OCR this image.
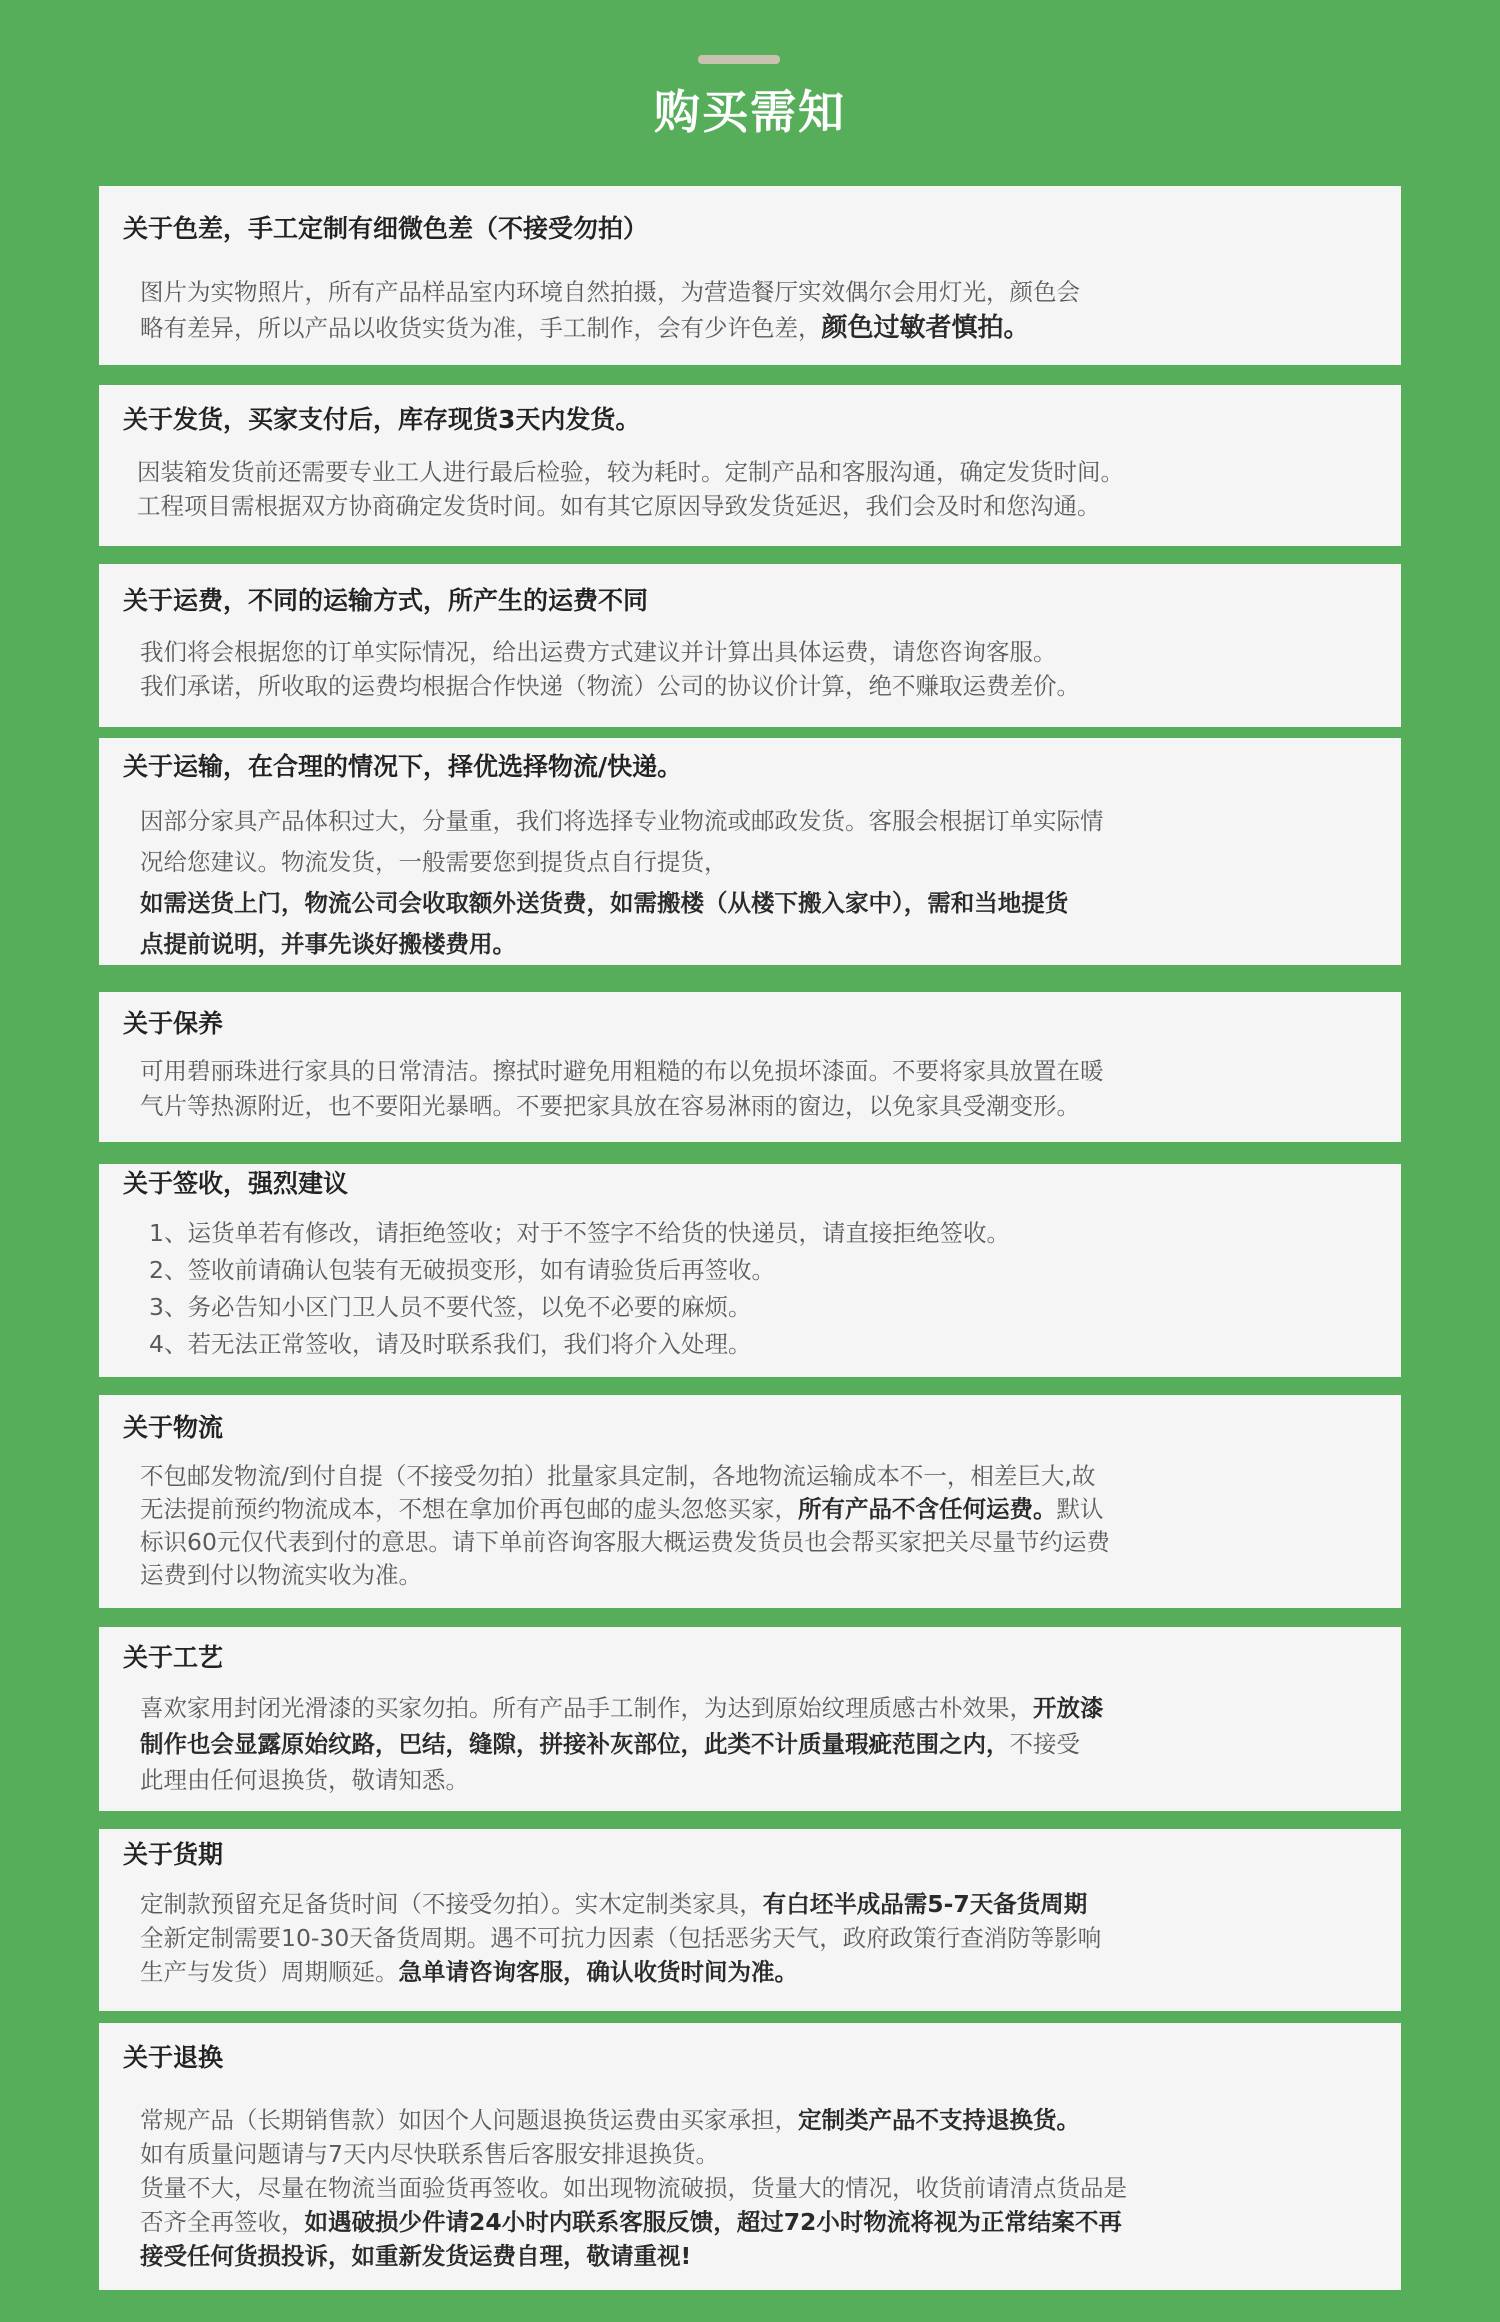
购买需知
关于色差，手工定制有细微色差（不接受勿拍）
图片为实物照片，所有产品样品室内环境自然拍摄，为营造餐厅实效偶尔会用灯光，颜色会
略有差异，所以产品以收货实货为准，手工制作，会有少许色差，颜色过敏者慎拍。
关于发货，买家支付后，库存现货3天内发货。
因装箱发货前还需要专业工人进行最后检验，较为耗时。定制产品和客服沟通，确定发货时间。
工程项目需根据双方协商确定发货时间。如有其它原因导致发货延迟，我们会及时和您沟通。
关于运费，不同的运输方式，所产生的运费不同
我们将会根据您的订单实际情况，给出运费方式建议并计算出具体运费，请您咨询客服。
我们承诺，所收取的运费均根据合作快递（物流）公司的协议价计算，绝不赚取运费差价。
关于运输，在合理的情况下，择优选择物流/快递。
因部分家具产品体积过大，分量重，我们将选择专业物流或邮政发货。客服会根据订单实际情
况给您建议。物流发货，一般需要您到提货点自行提货，
如需送货上门，物流公司会收取额外送货费，如需搬楼（从楼下搬入家中），需和当地提货
点提前说明，并事先谈好搬楼费用。
关于保养
可用碧丽珠进行家具的日常清洁。擦拭时避免用粗糙的布以免损坏漆面。不要将家具放置在暖
气片等热源附近，也不要阳光暴晒。不要把家具放在容易淋雨的窗边，以免家具受潮变形。
关于签收，强烈建议
1、运货单若有修改，请拒绝签收；对于不签字不给货的快递员，请直接拒绝签收。
2、签收前请确认包装有无破损变形，如有请验货后再签收。
3、务必告知小区门卫人员不要代签，以免不必要的麻烦。
4、若无法正常签收，请及时联系我们，我们将介入处理。
关于物流
不包邮发物流/到付自提（不接受勿拍）批量家具定制，各地物流运输成本不一，相差巨大,故
无法提前预约物流成本，不想在拿加价再包邮的虚头忽悠买家，所有产品不含任何运费。默认
标识60元仅代表到付的意思。请下单前咨询客服大概运费发货员也会帮买家把关尽量节约运费
运费到付以物流实收为准。
关于工艺
喜欢家用封闭光滑漆的买家勿拍。所有产品手工制作，为达到原始纹理质感古朴效果，开放漆
制作也会显露原始纹路，巴结，缝隙，拼接补灰部位，此类不计质量瑕疵范围之内，不接受
此理由任何退换货，敬请知悉。
关于货期
定制款预留充足备货时间（不接受勿拍）。实木定制类家具，有白坯半成品需5-7天备货周期
全新定制需要10-30天备货周期。遇不可抗力因素（包括恶劣天气，政府政策行查消防等影响
生产与发货）周期顺延。急单请咨询客服，确认收货时间为准。
关于退换
常规产品（长期销售款）如因个人问题退换货运费由买家承担，定制类产品不支持退换货。
如有质量问题请与7天内尽快联系售后客服安排退换货。
货量不大，尽量在物流当面验货再签收。如出现物流破损，货量大的情况，收货前请清点货品是
否齐全再签收，如遇破损少件请24小时内联系客服反馈，超过72小时物流将视为正常结案不再
接受任何货损投诉，如重新发货运费自理，敬请重视!
